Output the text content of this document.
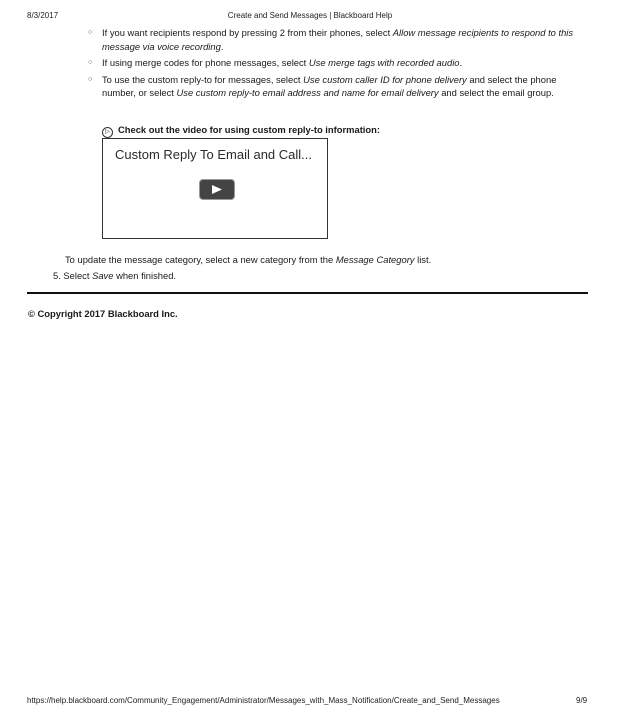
8/3/2017	Create and Send Messages | Blackboard Help
○ If you want recipients respond by pressing 2 from their phones, select Allow message recipients to respond to this message via voice recording.
○ If using merge codes for phone messages, select Use merge tags with recorded audio.
○ To use the custom reply-to for messages, select Use custom caller ID for phone delivery and select the phone number, or select Use custom reply-to email address and name for email delivery and select the email group.
▷ Check out the video for using custom reply-to information:
Custom Reply To Email and Call...
To update the message category, select a new category from the Message Category list.
5. Select Save when finished.
© Copyright 2017 Blackboard Inc.
https://help.blackboard.com/Community_Engagement/Administrator/Messages_with_Mass_Notification/Create_and_Send_Messages	9/9
